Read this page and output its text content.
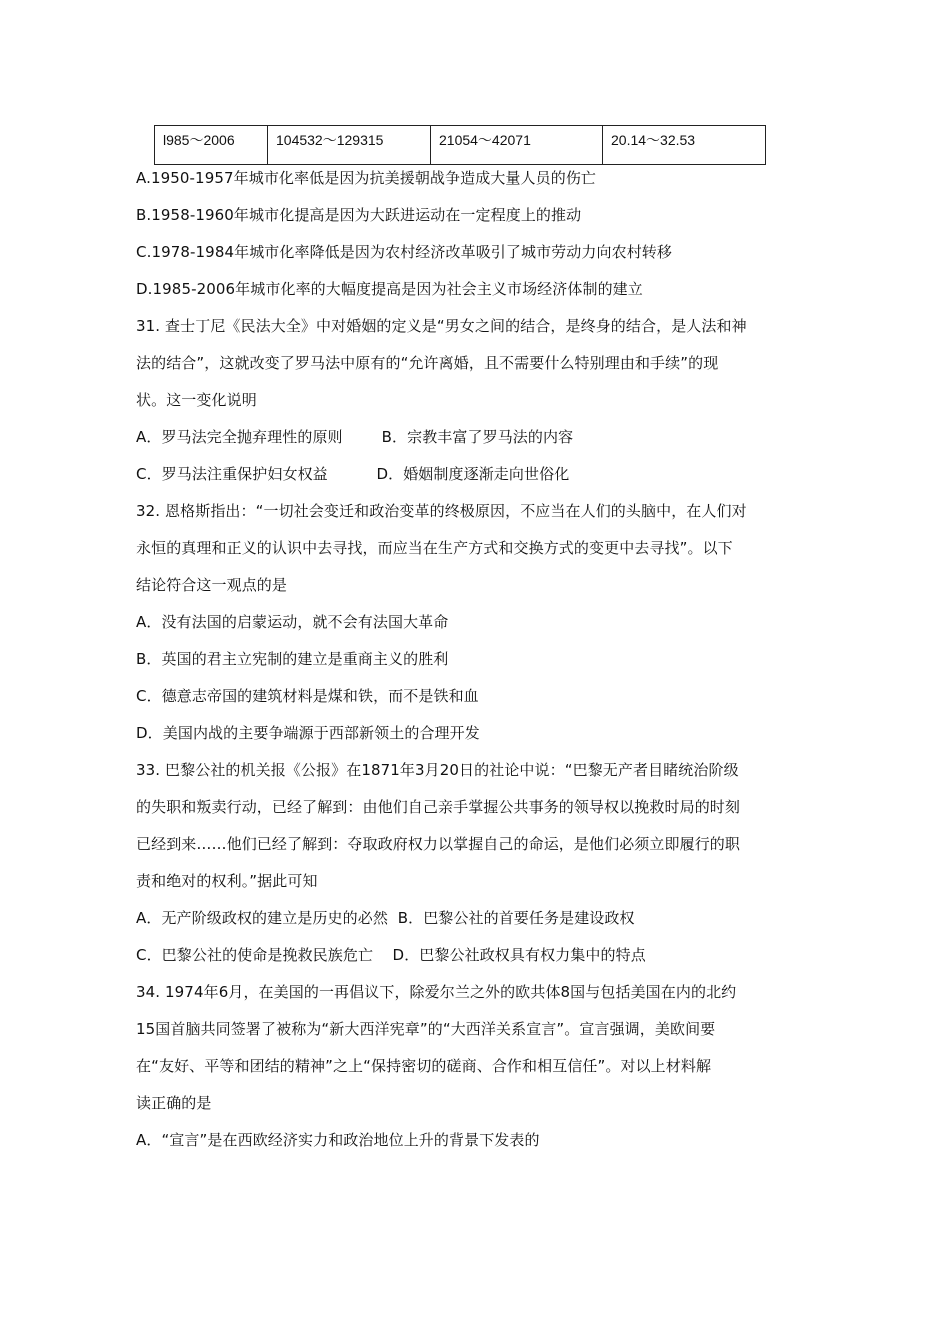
l985～2006	104532～129315	21054～42071	20.14～32.53
A.1950-1957年城市化率低是因为抗美援朝战争造成大量人员的伤亡
B.1958-1960年城市化提高是因为大跃进运动在一定程度上的推动
C.1978-1984年城市化率降低是因为农村经济改革吸引了城市劳动力向农村转移
D.1985-2006年城市化率的大幅度提高是因为社会主义市场经济体制的建立
31. 查士丁尼《民法大全》中对婚姻的定义是“男女之间的结合，是终身的结合，是人法和神
法的结合”，这就改变了罗马法中原有的“允许离婚，且不需要什么特别理由和手续”的现
状。这一变化说明
A．罗马法完全抛弃理性的原则        B．宗教丰富了罗马法的内容
C．罗马法注重保护妇女权益          D．婚姻制度逐渐走向世俗化
32. 恩格斯指出：“一切社会变迁和政治变革的终极原因，不应当在人们的头脑中，在人们对
永恒的真理和正义的认识中去寻找，而应当在生产方式和交换方式的变更中去寻找”。以下
结论符合这一观点的是
A．没有法国的启蒙运动，就不会有法国大革命
B．英国的君主立宪制的建立是重商主义的胜利
C．德意志帝国的建筑材料是煤和铁，而不是铁和血
D．美国内战的主要争端源于西部新领土的合理开发
33. 巴黎公社的机关报《公报》在1871年3月20日的社论中说：“巴黎无产者目睹统治阶级
的失职和叛卖行动，已经了解到：由他们自己亲手掌握公共事务的领导权以挽救时局的时刻
已经到来……他们已经了解到：夺取政府权力以掌握自己的命运，是他们必须立即履行的职
责和绝对的权利。”据此可知
A．无产阶级政权的建立是历史的必然  B．巴黎公社的首要任务是建设政权
C．巴黎公社的使命是挽救民族危亡    D．巴黎公社政权具有权力集中的特点
34. 1974年6月，在美国的一再倡议下，除爱尔兰之外的欧共体8国与包括美国在内的北约
15国首脑共同签署了被称为“新大西洋宪章”的“大西洋关系宣言”。宣言强调，美欧间要
在“友好、平等和团结的精神”之上“保持密切的磋商、合作和相互信任”。对以上材料解
读正确的是
A．“宣言”是在西欧经济实力和政治地位上升的背景下发表的
